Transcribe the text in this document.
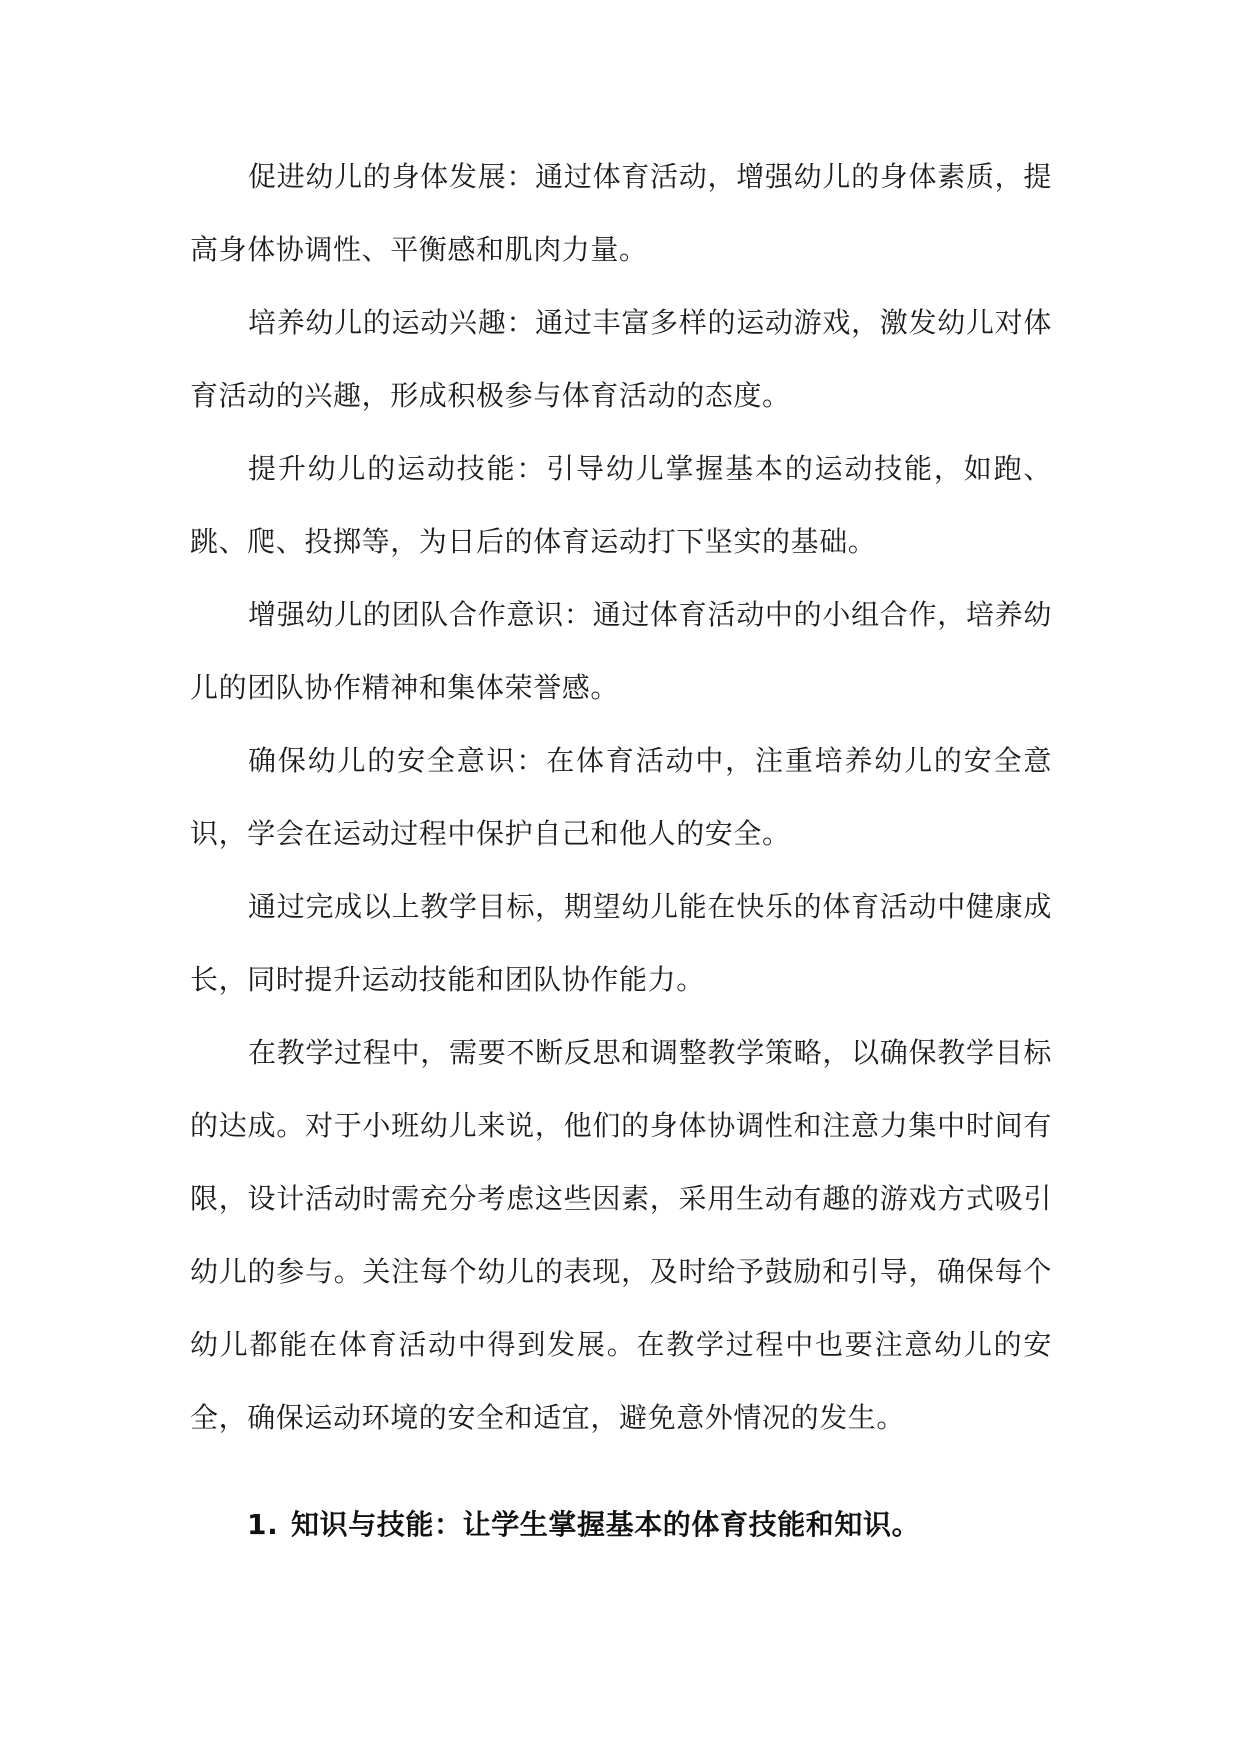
促进幼儿的身体发展：通过体育活动，增强幼儿的身体素质，提高身体协调性、平衡感和肌肉力量。

培养幼儿的运动兴趣：通过丰富多样的运动游戏，激发幼儿对体育活动的兴趣，形成积极参与体育活动的态度。

提升幼儿的运动技能：引导幼儿掌握基本的运动技能，如跑、跳、爬、投掷等，为日后的体育运动打下坚实的基础。

增强幼儿的团队合作意识：通过体育活动中的小组合作，培养幼儿的团队协作精神和集体荣誉感。

确保幼儿的安全意识：在体育活动中，注重培养幼儿的安全意识，学会在运动过程中保护自己和他人的安全。

通过完成以上教学目标，期望幼儿能在快乐的体育活动中健康成长，同时提升运动技能和团队协作能力。

在教学过程中，需要不断反思和调整教学策略，以确保教学目标的达成。对于小班幼儿来说，他们的身体协调性和注意力集中时间有限，设计活动时需充分考虑这些因素，采用生动有趣的游戏方式吸引幼儿的参与。关注每个幼儿的表现，及时给予鼓励和引导，确保每个幼儿都能在体育活动中得到发展。在教学过程中也要注意幼儿的安全，确保运动环境的安全和适宜，避免意外情况的发生。

1. 知识与技能：让学生掌握基本的体育技能和知识。
